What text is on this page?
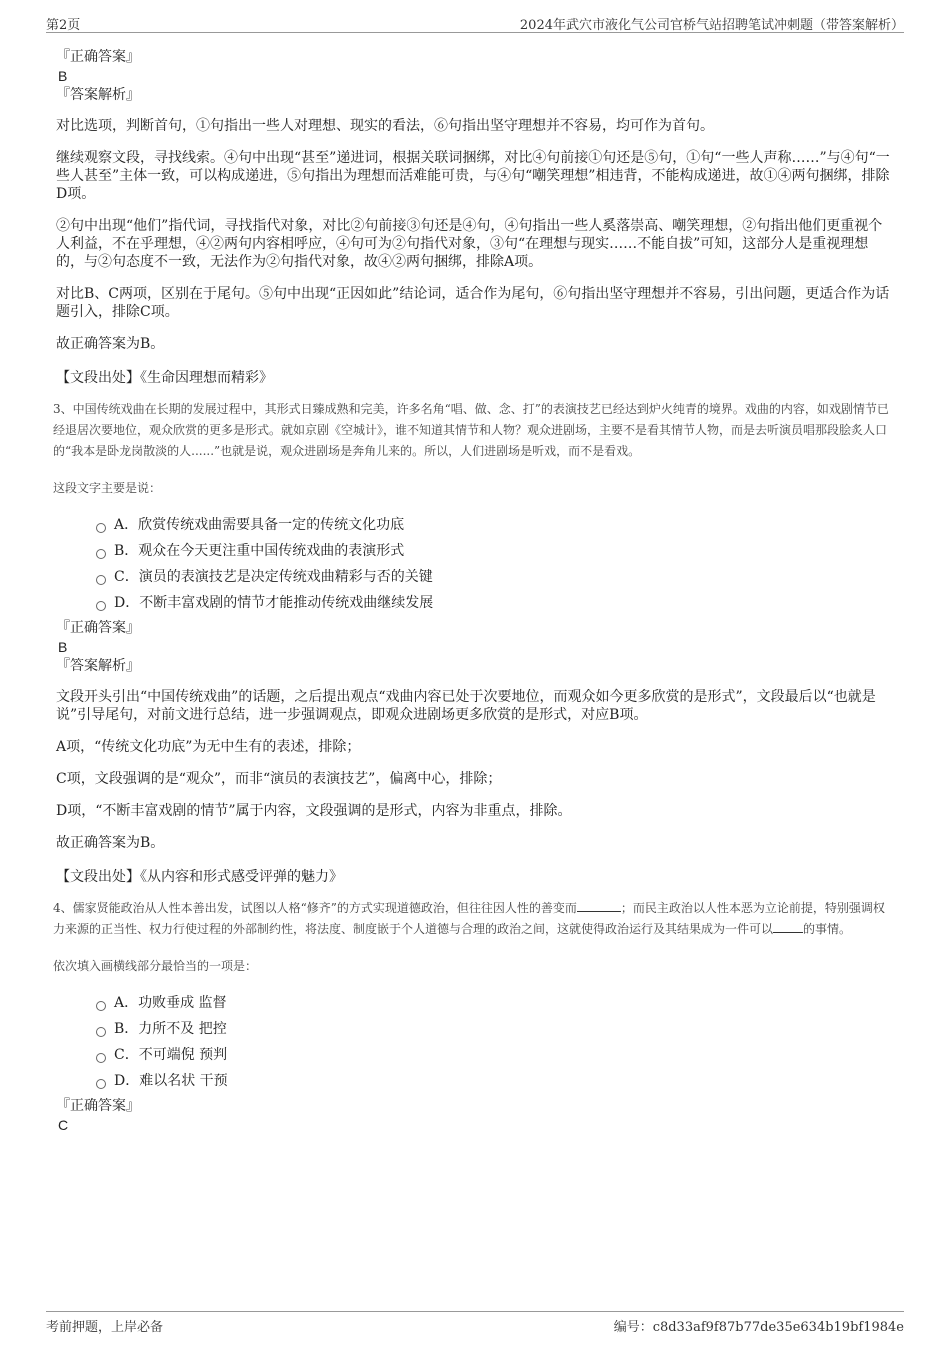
第2页	2024年武穴市液化气公司官桥气站招聘笔试冲刺题（带答案解析）

『正确答案』

B

『答案解析』

对比选项，判断首句，①句指出一些人对理想、现实的看法，⑥句指出坚守理想并不容易，均可作为首句。

继续观察文段，寻找线索。④句中出现“甚至”递进词，根据关联词捆绑，对比④句前接①句还是⑤句，①句“一些人声称……”与④句“一些人甚至”主体一致，可以构成递进，⑤句指出为理想而活难能可贵，与④句“嘲笑理想”相违背，不能构成递进，故①④两句捆绑，排除D项。

②句中出现“他们”指代词，寻找指代对象，对比②句前接③句还是④句，④句指出一些人奚落崇高、嘲笑理想，②句指出他们更重视个人利益，不在乎理想，④②两句内容相呼应，④句可为②句指代对象，③句“在理想与现实……不能自拔”可知，这部分人是重视理想的，与②句态度不一致，无法作为②句指代对象，故④②两句捆绑，排除A项。

对比B、C两项，区别在于尾句。⑤句中出现“正因如此”结论词，适合作为尾句，⑥句指出坚守理想并不容易，引出问题，更适合作为话题引入，排除C项。

故正确答案为B。

【文段出处】《生命因理想而精彩》

3、中国传统戏曲在长期的发展过程中，其形式日臻成熟和完美，许多名角“唱、做、念、打”的表演技艺已经达到炉火纯青的境界。戏曲的内容，如戏剧情节已经退居次要地位，观众欣赏的更多是形式。就如京剧《空城计》，谁不知道其情节和人物？观众进剧场，主要不是看其情节人物，而是去听演员唱那段脍炙人口的“我本是卧龙岗散淡的人......”也就是说，观众进剧场是奔角儿来的。所以，人们进剧场是听戏，而不是看戏。

这段文字主要是说：

A．欣赏传统戏曲需要具备一定的传统文化功底
B．观众在今天更注重中国传统戏曲的表演形式
C．演员的表演技艺是决定传统戏曲精彩与否的关键
D．不断丰富戏剧的情节才能推动传统戏曲继续发展

『正确答案』

B

『答案解析』

文段开头引出“中国传统戏曲”的话题，之后提出观点“戏曲内容已处于次要地位，而观众如今更多欣赏的是形式”，文段最后以“也就是说”引导尾句，对前文进行总结，进一步强调观点，即观众进剧场更多欣赏的是形式，对应B项。

A项，“传统文化功底”为无中生有的表述，排除；

C项，文段强调的是“观众”，而非“演员的表演技艺”，偏离中心，排除；

D项，“不断丰富戏剧的情节”属于内容，文段强调的是形式，内容为非重点，排除。

故正确答案为B。

【文段出处】《从内容和形式感受评弹的魅力》

4、儒家贤能政治从人性本善出发，试图以人格“修齐”的方式实现道德政治，但往往因人性的善变而	；而民主政治以人性本恶为立论前提，特别强调权力来源的正当性、权力行使过程的外部制约性，将法度、制度嵌于个人道德与合理的政治之间，这就使得政治运行及其结果成为一件可以	的事情。

依次填入画横线部分最恰当的一项是：

A．功败垂成 监督
B．力所不及 把控
C．不可端倪 预判
D．难以名状 干预

『正确答案』

C

考前押题，上岸必备	编号：c8d33af9f87b77de35e634b19bf1984e
